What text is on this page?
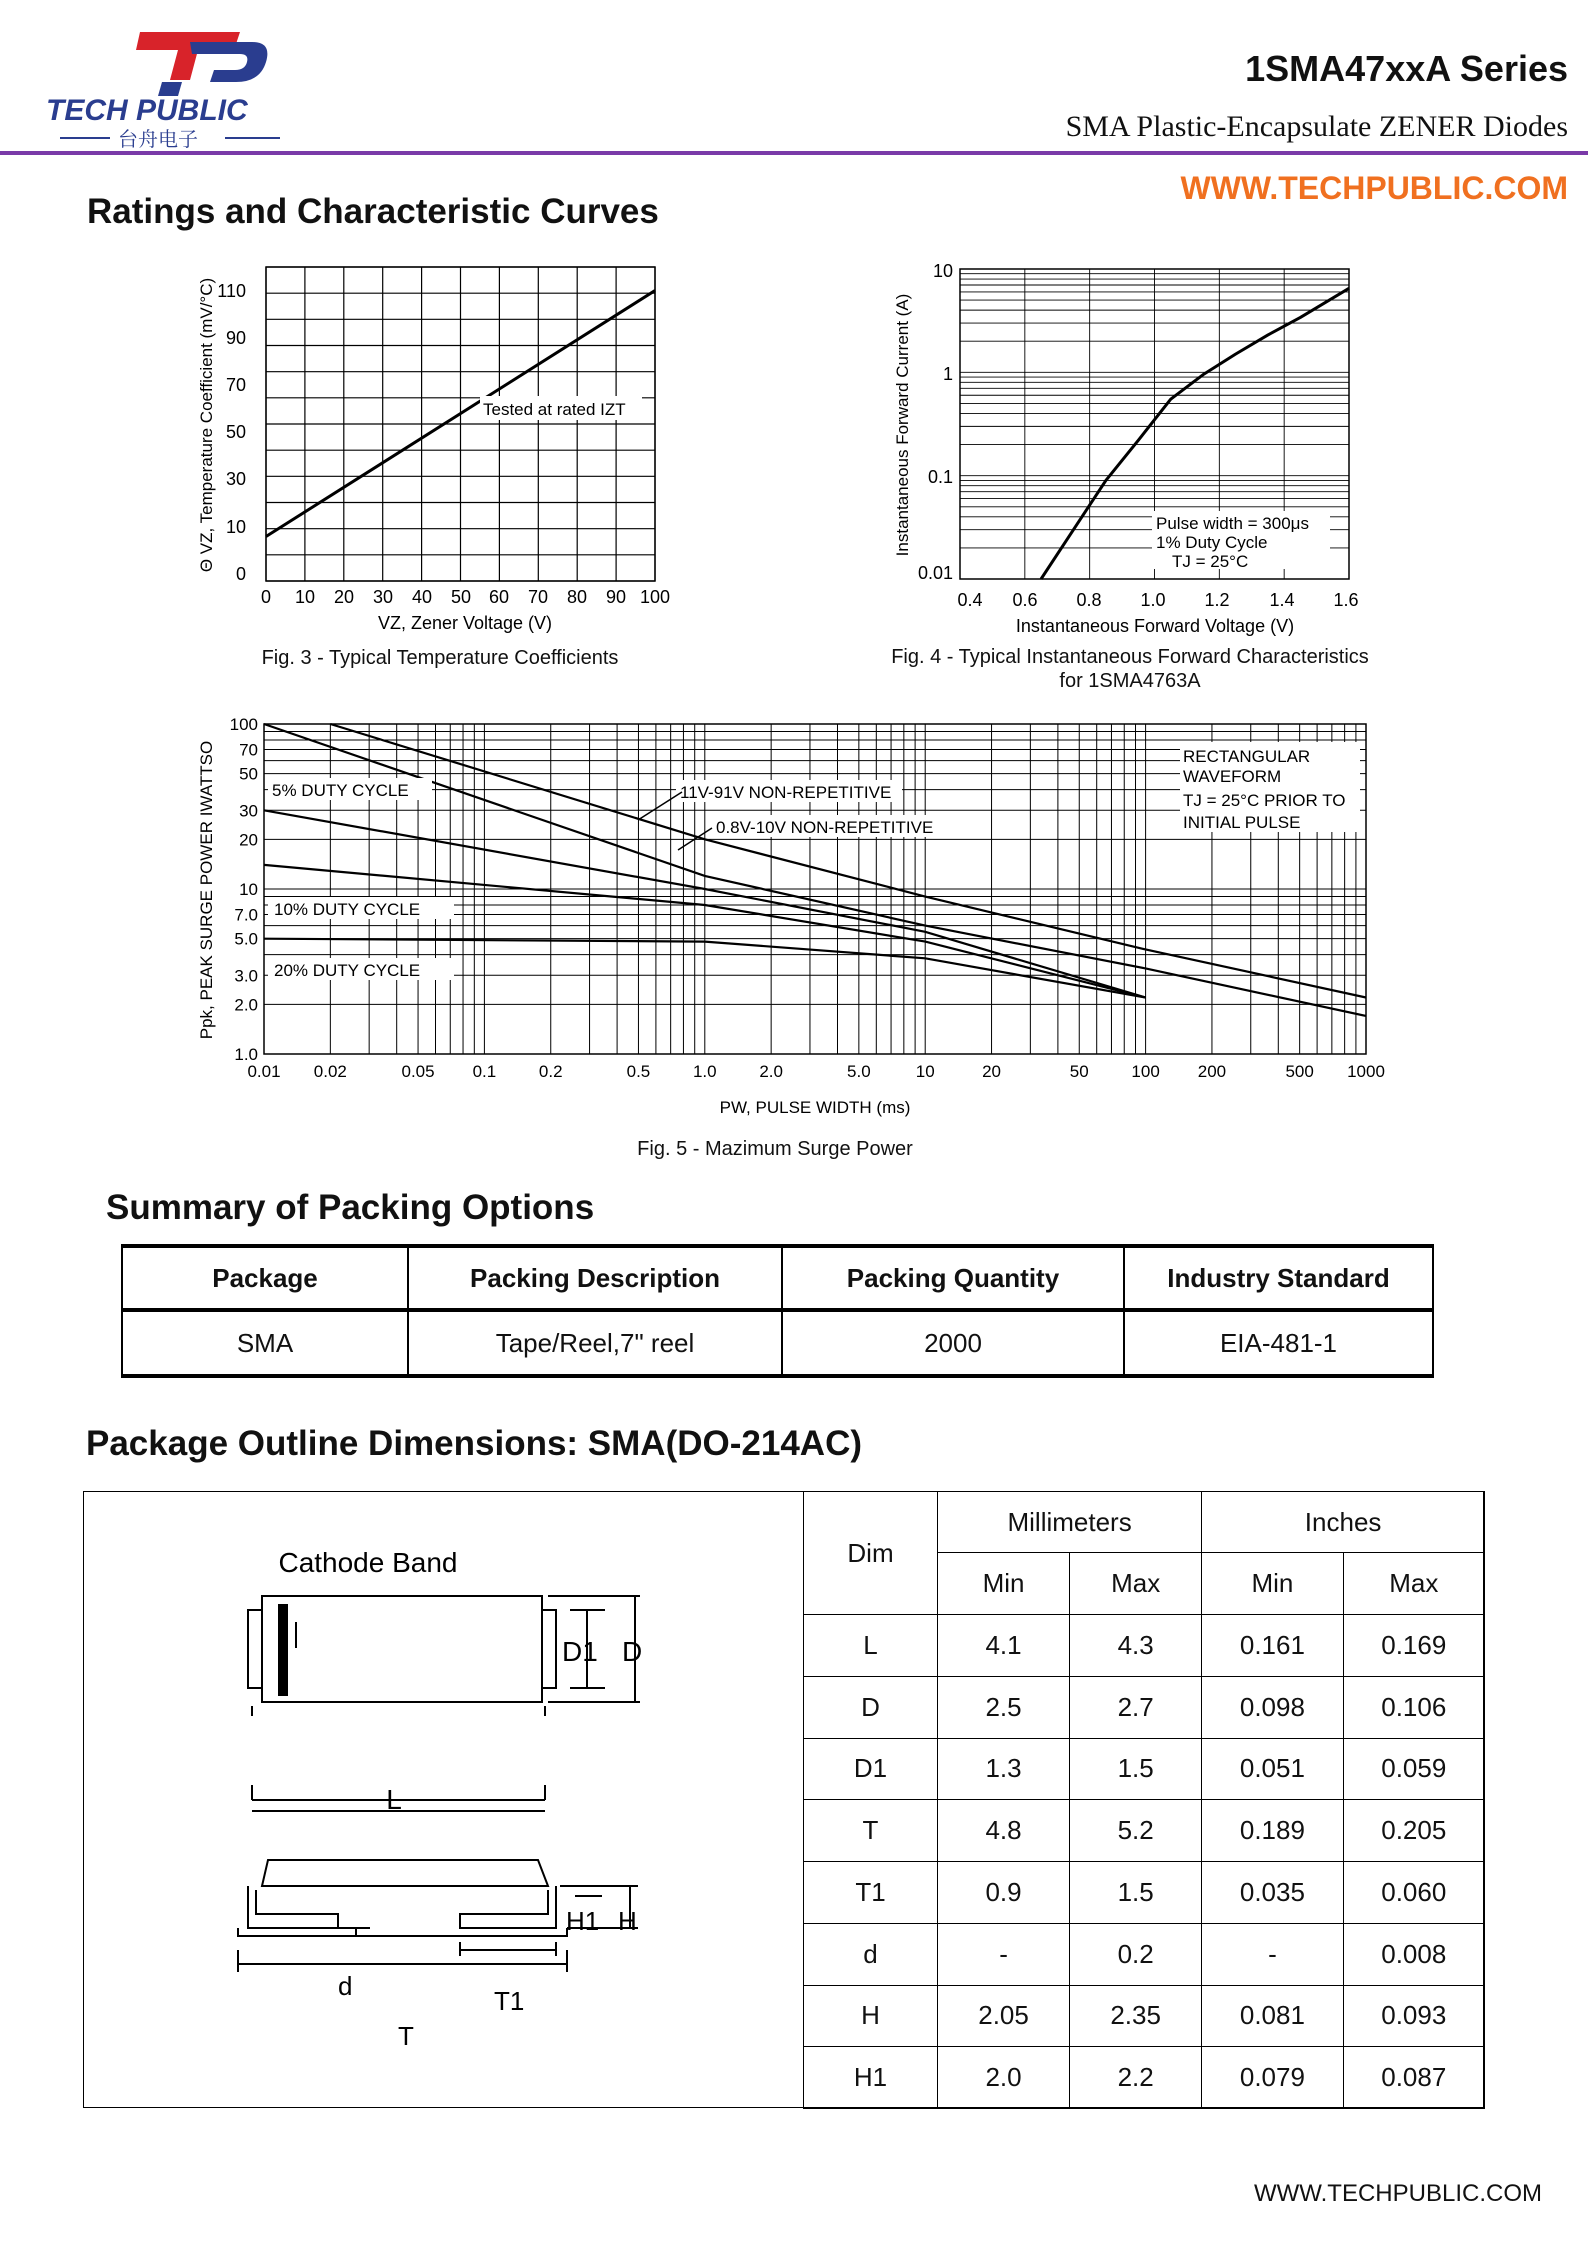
TECH PUBLIC
台舟电子
1SMA47xxA Series
SMA Plastic-Encapsulate ZENER Diodes
WWW.TECHPUBLIC.COM
Ratings and Characteristic Curves
110
90
70
50
30
10
0
0 10 20 30 40 50 60 70 80 90 100
VZ, Zener Voltage (V)
Θ VZ, Temperature Coefficient (mV/°C)	Tested at rated IZT
Fig. 3 - Typical Temperature Coefficients
10
1
0.1
0.01
0.4 0.6 0.8 1.0 1.2 1.4 1.6
Instantaneous Forward Voltage (V)
Instantaneous Forward Current (A)	Pulse width = 300μs
1% Duty Cycle
TJ = 25°C
Fig. 4 - Typical Instantaneous Forward Characteristics
for 1SMA4763A
0.01 0.02	0.05 0.1	0.2	0.5	1.0	2.0	5.0	10	20	50	100 200	500 1000
1.0
2.0
3.0
5.0
7.0
10
20
30
50
70
100
PW, PULSE WIDTH (ms)
Ppk, PEAK SURGE POWER IWATTSO	RECTANGULAR
WAVEFORM
TJ = 25°C PRIOR TO
INITIAL PULSE
5% DUTY CYCLE
10% DUTY CYCLE
20% DUTY CYCLE
11V-91V NON-REPETITIVE
0.8V-10V NON-REPETITIVE
Fig. 5 - Mazimum Surge Power
Summary of Packing Options
Package	Packing Description	Packing Quantity	Industry Standard
SMA	Tape/Reel,7" reel	2000	EIA-481-1
Package Outline Dimensions: SMA(DO-214AC)
Cathode Band
D1 D
L
H1 H
d	T1
T
Dim	Millimeters		Inches	
	Min	Max	Min	Max
L	4.1	4.3	0.161	0.169
D	2.5	2.7	0.098	0.106
D1	1.3	1.5	0.051	0.059
T	4.8	5.2	0.189	0.205
T1	0.9	1.5	0.035	0.060
d	-	0.2	-	0.008
H	2.05	2.35	0.081	0.093
H1	2.0	2.2	0.079	0.087
WWW.TECHPUBLIC.COM
